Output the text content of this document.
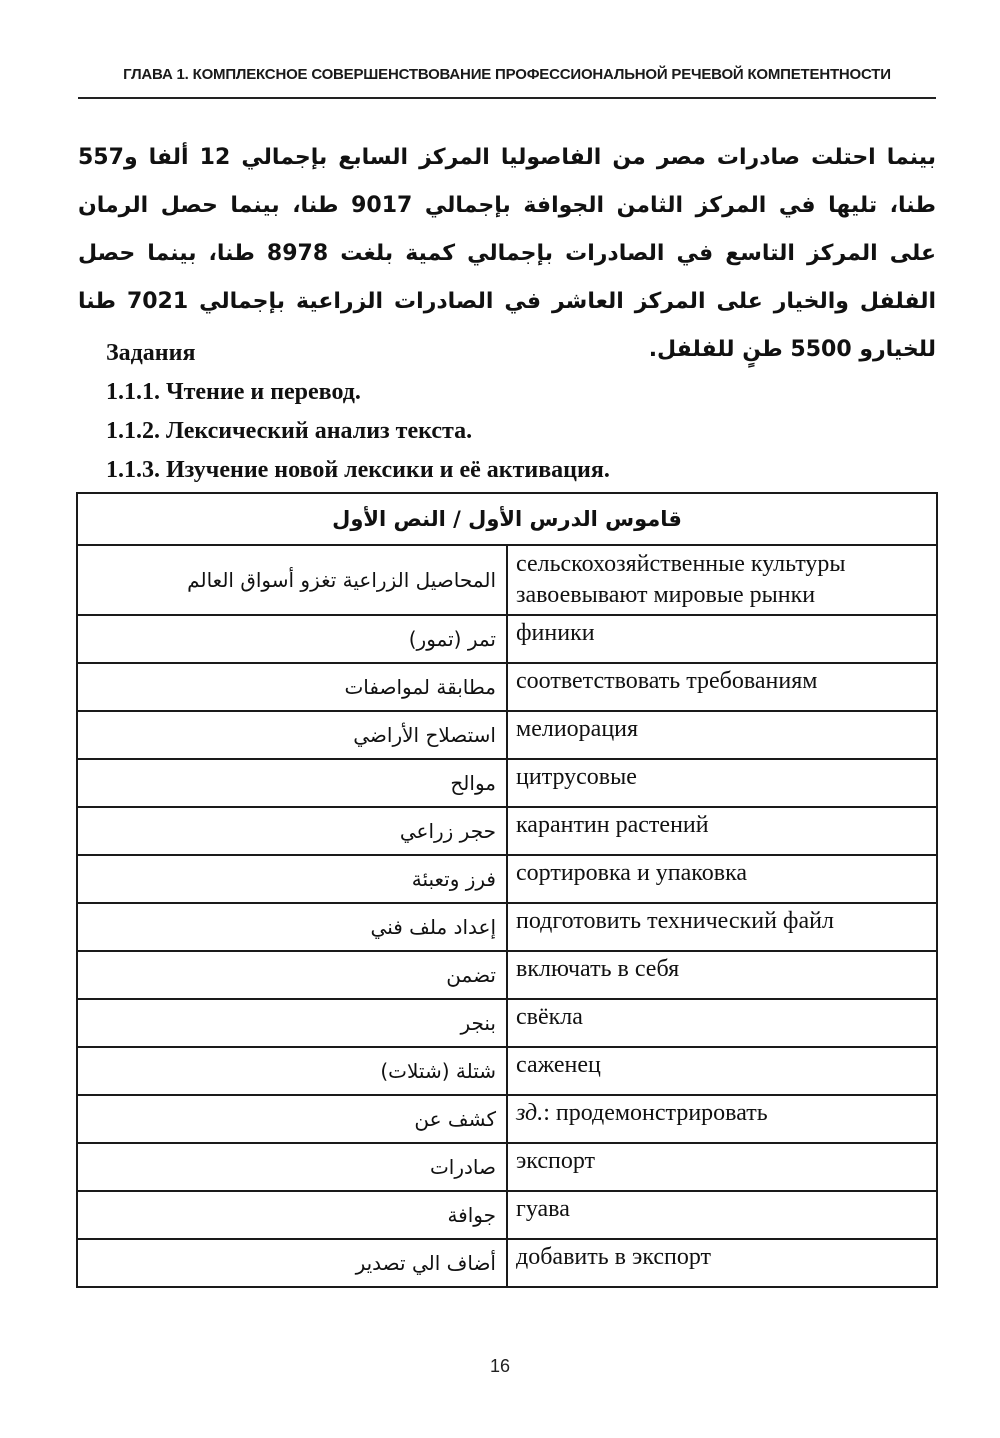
ГЛАВА 1. КОМПЛЕКСНОЕ СОВЕРШЕНСТВОВАНИЕ ПРОФЕССИОНАЛЬНОЙ РЕЧЕВОЙ КОМПЕТЕНТНОСТИ
بينما احتلت صادرات مصر من الفاصوليا المركز السابع بإجمالي 12 ألفا و557 طنا، تليها في المركز الثامن الجوافة بإجمالي 9017 طنا، بينما حصل الرمان على المركز التاسع في الصادرات بإجمالي كمية بلغت 8978 طنا، بينما حصل الفلفل والخيار على المركز العاشر في الصادرات الزراعية بإجمالي 7021 طنا للخيارو 5500 طنٍ للفلفل.
Задания
1.1.1. Чтение и перевод.
1.1.2. Лексический анализ текста.
1.1.3. Изучение новой лексики и её активация.
قاموس الدرس الأول / النص الأول	
المحاصيل الزراعية تغزو أسواق العالم	сельскохозяйственные культуры завоевывают мировые рынки
تمر (تمور)	финики
مطابقة لمواصفات	соответствовать требованиям
استصلاح الأراضي	мелиорация
موالح	цитрусовые
حجر زراعي	карантин растений
فرز وتعبئة	сортировка и упаковка
إعداد ملف فني	подготовить технический файл
تضمن	включать в себя
بنجر	свёкла
شتلة (شتلات)	саженец
كشف عن	зд.: продемонстрировать
صادرات	экспорт
جوافة	гуава
أضاف الي تصدير	добавить в экспорт
16
